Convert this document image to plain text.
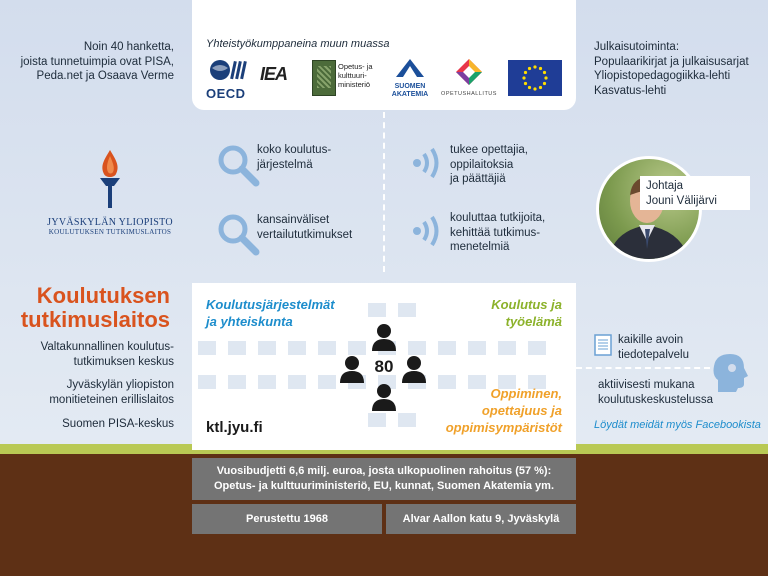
Noin 40 hanketta,
joista tunnetuimpia ovat PISA,
Peda.net ja Osaava Verme
Yhteistyökumppaneina muun muassa
OECD
IEA	Opetus- ja
kulttuuri-
ministeriö	SUOMEN
AKATEMIA	OPETUSHALLITUS
Julkaisutoiminta:
Populaarikirjat ja julkaisusarjat
Yliopistopedagogiikka-lehti
Kasvatus-lehti
JYVÄSKYLÄN YLIOPISTO
KOULUTUKSEN TUTKIMUSLAITOS
koko koulutus-
järjestelmä
kansainväliset
vertailututkimukset
tukee opettajia,
oppilaitoksia
ja päättäjiä
kouluttaa tutkijoita,
kehittää tutkimus-
menetelmiä
Johtaja
Jouni Välijärvi
Koulutuksen
tutkimuslaitos
Valtakunnallinen koulutus-
tutkimuksen keskus
Jyväskylän yliopiston
monitieteinen erillislaitos
Suomen PISA-keskus
Koulutusjärjestelmät
ja yhteiskunta
Koulutus ja
työelämä
Oppiminen,
opettajuus ja
oppimisympäristöt
80
ktl.jyu.fi
kaikille avoin
tiedotepalvelu
aktiivisesti mukana
koulutuskeskustelussa
Löydät meidät myös Facebookista
Vuosibudjetti 6,6 milj. euroa, josta ulkopuolinen rahoitus (57 %):
Opetus- ja kulttuuriministeriö, EU, kunnat, Suomen Akatemia ym.
Perustettu 1968	Alvar Aallon katu 9, Jyväskylä
